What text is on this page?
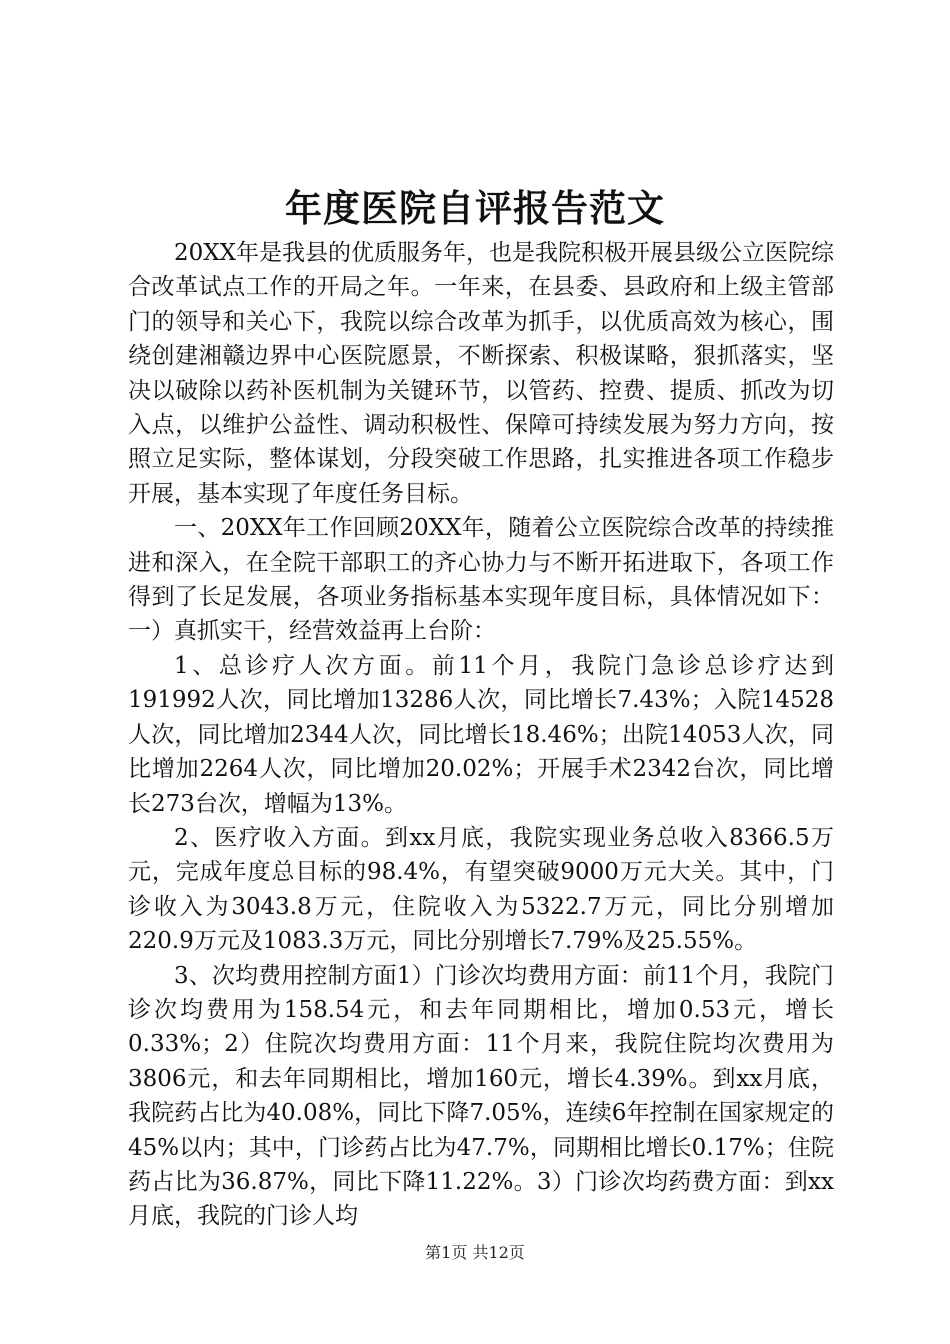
年度医院自评报告范文

20XX年是我县的优质服务年，也是我院积极开展县级公立医院综合改革试点工作的开局之年。一年来，在县委、县政府和上级主管部门的领导和关心下，我院以综合改革为抓手，以优质高效为核心，围绕创建湘赣边界中心医院愿景，不断探索、积极谋略，狠抓落实，坚决以破除以药补医机制为关键环节，以管药、控费、提质、抓改为切入点，以维护公益性、调动积极性、保障可持续发展为努力方向，按照立足实际，整体谋划，分段突破工作思路，扎实推进各项工作稳步开展，基本实现了年度任务目标。

一、20XX年工作回顾20XX年，随着公立医院综合改革的持续推进和深入，在全院干部职工的齐心协力与不断开拓进取下，各项工作得到了长足发展，各项业务指标基本实现年度目标，具体情况如下：一）真抓实干，经营效益再上台阶：

1、总诊疗人次方面。前11个月，我院门急诊总诊疗达到191992人次，同比增加13286人次，同比增长7.43%；入院14528人次，同比增加2344人次，同比增长18.46%；出院14053人次，同比增加2264人次，同比增加20.02%；开展手术2342台次，同比增长273台次，增幅为13%。

2、医疗收入方面。到xx月底，我院实现业务总收入8366.5万元，完成年度总目标的98.4%，有望突破9000万元大关。其中，门诊收入为3043.8万元，住院收入为5322.7万元，同比分别增加220.9万元及1083.3万元，同比分别增长7.79%及25.55%。

3、次均费用控制方面1）门诊次均费用方面：前11个月，我院门诊次均费用为158.54元，和去年同期相比，增加0.53元，增长0.33%；2）住院次均费用方面：11个月来，我院住院均次费用为3806元，和去年同期相比，增加160元，增长4.39%。到xx月底，我院药占比为40.08%，同比下降7.05%，连续6年控制在国家规定的45%以内；其中，门诊药占比为47.7%，同期相比增长0.17%；住院药占比为36.87%，同比下降11.22%。3）门诊次均药费方面：到xx月底，我院的门诊人均

第1页 共12页
